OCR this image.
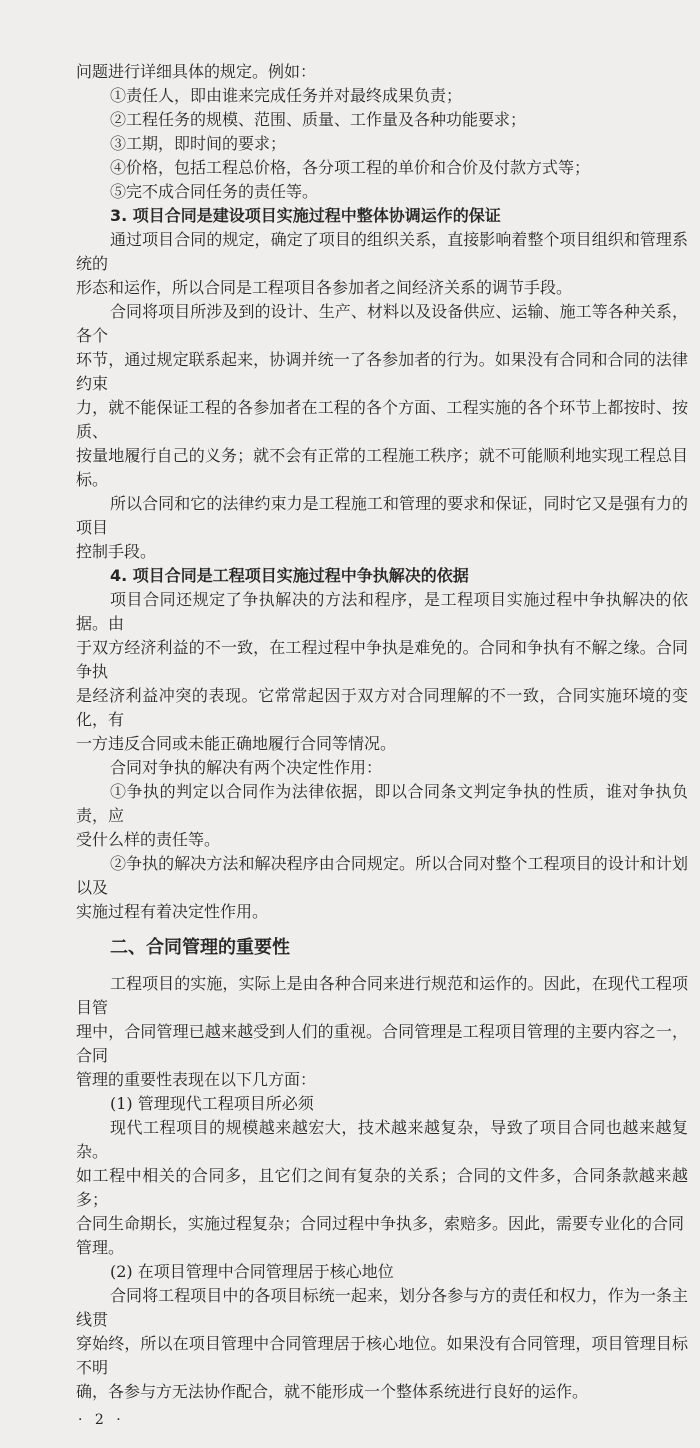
问题进行详细具体的规定。例如：
①责任人，即由谁来完成任务并对最终成果负责；
②工程任务的规模、范围、质量、工作量及各种功能要求；
③工期，即时间的要求；
④价格，包括工程总价格，各分项工程的单价和合价及付款方式等；
⑤完不成合同任务的责任等。
3. 项目合同是建设项目实施过程中整体协调运作的保证
通过项目合同的规定，确定了项目的组织关系，直接影响着整个项目组织和管理系统的
形态和运作，所以合同是工程项目各参加者之间经济关系的调节手段。
合同将项目所涉及到的设计、生产、材料以及设备供应、运输、施工等各种关系，各个
环节，通过规定联系起来，协调并统一了各参加者的行为。如果没有合同和合同的法律约束
力，就不能保证工程的各参加者在工程的各个方面、工程实施的各个环节上都按时、按质、
按量地履行自己的义务；就不会有正常的工程施工秩序；就不可能顺利地实现工程总目标。
所以合同和它的法律约束力是工程施工和管理的要求和保证，同时它又是强有力的项目
控制手段。
4. 项目合同是工程项目实施过程中争执解决的依据
项目合同还规定了争执解决的方法和程序，是工程项目实施过程中争执解决的依据。由
于双方经济利益的不一致，在工程过程中争执是难免的。合同和争执有不解之缘。合同争执
是经济利益冲突的表现。它常常起因于双方对合同理解的不一致，合同实施环境的变化，有
一方违反合同或未能正确地履行合同等情况。
合同对争执的解决有两个决定性作用：
①争执的判定以合同作为法律依据，即以合同条文判定争执的性质，谁对争执负责，应
受什么样的责任等。
②争执的解决方法和解决程序由合同规定。所以合同对整个工程项目的设计和计划以及
实施过程有着决定性作用。
二、合同管理的重要性
工程项目的实施，实际上是由各种合同来进行规范和运作的。因此，在现代工程项目管
理中，合同管理已越来越受到人们的重视。合同管理是工程项目管理的主要内容之一，合同
管理的重要性表现在以下几方面：
(1) 管理现代工程项目所必须
现代工程项目的规模越来越宏大，技术越来越复杂，导致了项目合同也越来越复杂。
如工程中相关的合同多，且它们之间有复杂的关系；合同的文件多，合同条款越来越多；
合同生命期长，实施过程复杂；合同过程中争执多，索赔多。因此，需要专业化的合同
管理。
(2) 在项目管理中合同管理居于核心地位
合同将工程项目中的各项目标统一起来，划分各参与方的责任和权力，作为一条主线贯
穿始终，所以在项目管理中合同管理居于核心地位。如果没有合同管理，项目管理目标不明
确，各参与方无法协作配合，就不能形成一个整体系统进行良好的运作。
· 2 ·
